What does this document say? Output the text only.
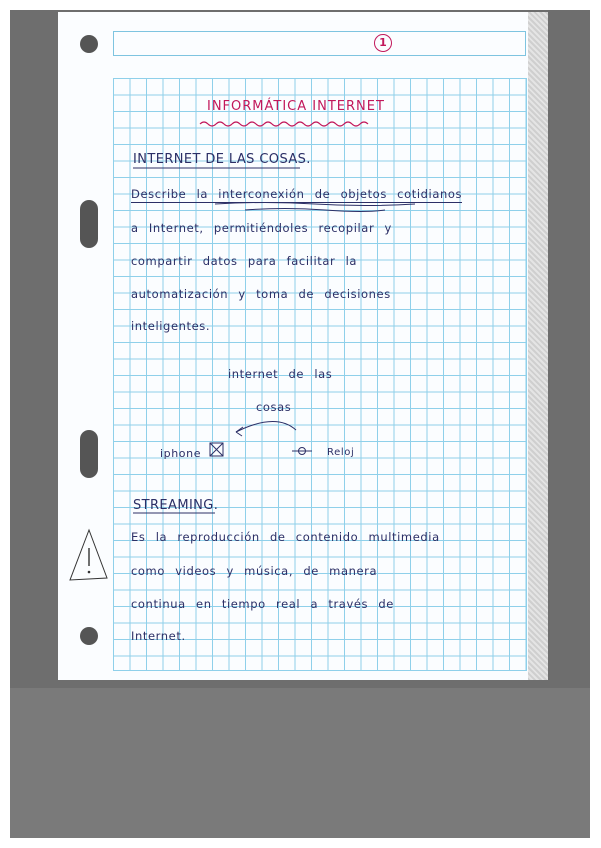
1
INFORMÁTICA INTERNET
INTERNET DE LAS COSAS.
Describe la interconexión de objetos cotidianos
a Internet, permitiéndoles recopilar y
compartir datos para facilitar la
automatización y toma de decisiones
inteligentes.
internet de las
cosas
iphone	Reloj
STREAMING.
Es la reproducción de contenido multimedia
como videos y música, de manera
continua en tiempo real a través de
Internet.
